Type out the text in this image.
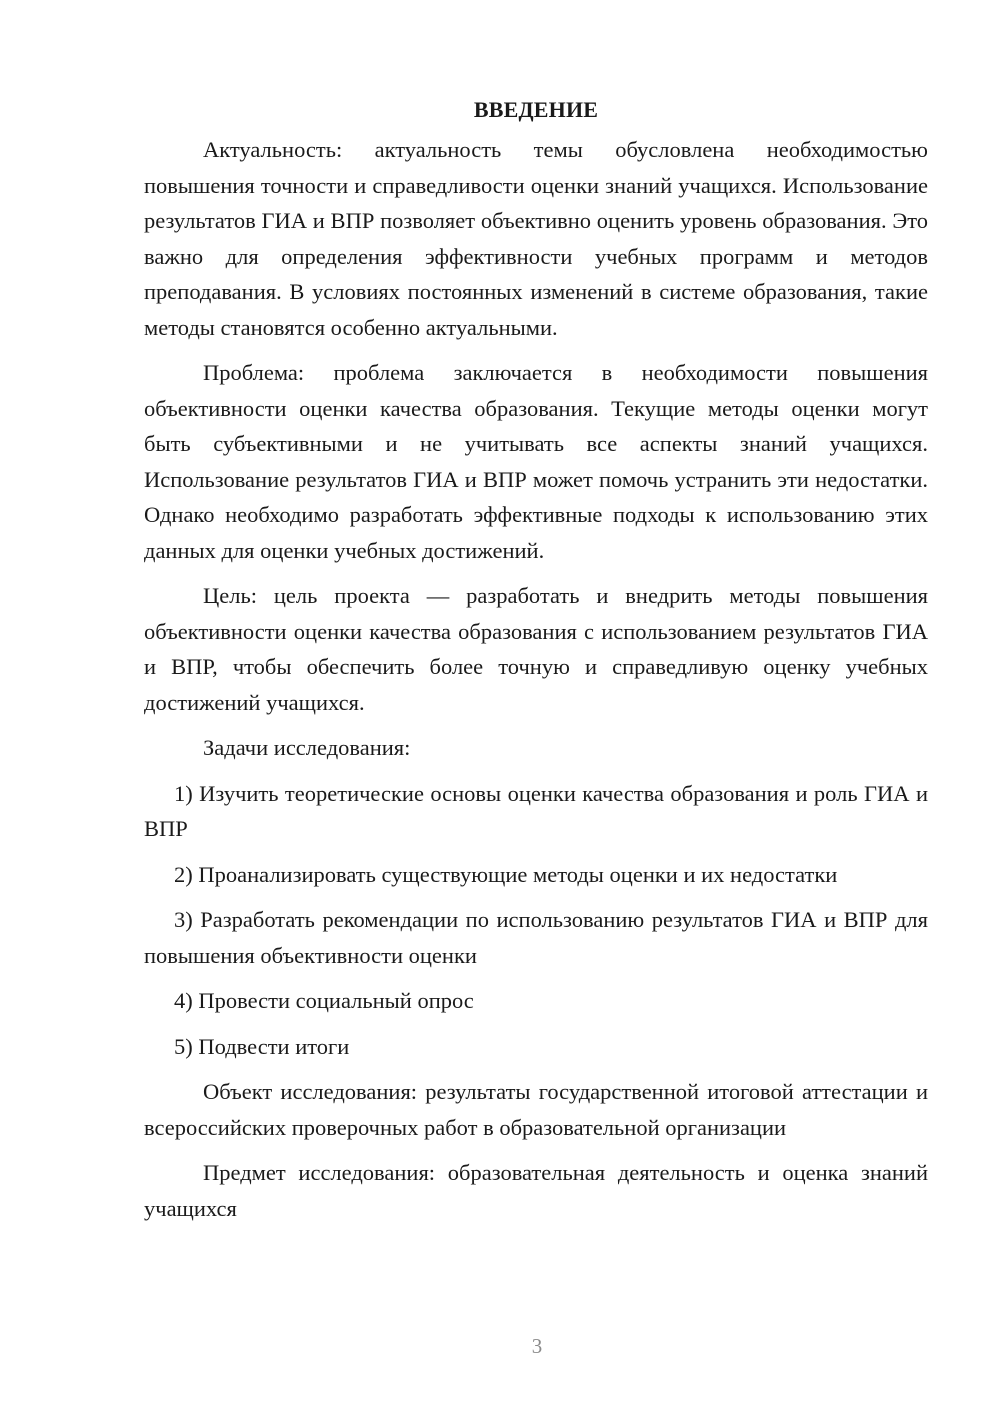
ВВЕДЕНИЕ

Актуальность: актуальность темы обусловлена необходимостью повышения точности и справедливости оценки знаний учащихся. Использование результатов ГИА и ВПР позволяет объективно оценить уровень образования. Это важно для определения эффективности учебных программ и методов преподавания. В условиях постоянных изменений в системе образования, такие методы становятся особенно актуальными.

Проблема: проблема заключается в необходимости повышения объективности оценки качества образования. Текущие методы оценки могут быть субъективными и не учитывать все аспекты знаний учащихся. Использование результатов ГИА и ВПР может помочь устранить эти недостатки. Однако необходимо разработать эффективные подходы к использованию этих данных для оценки учебных достижений.

Цель: цель проекта — разработать и внедрить методы повышения объективности оценки качества образования с использованием результатов ГИА и ВПР, чтобы обеспечить более точную и справедливую оценку учебных достижений учащихся.

Задачи исследования:

1) Изучить теоретические основы оценки качества образования и роль ГИА и ВПР

2) Проанализировать существующие методы оценки и их недостатки

3) Разработать рекомендации по использованию результатов ГИА и ВПР для повышения объективности оценки

4) Провести социальный опрос

5) Подвести итоги

Объект исследования: результаты государственной итоговой аттестации и всероссийских проверочных работ в образовательной организации

Предмет исследования: образовательная деятельность и оценка знаний учащихся

3
